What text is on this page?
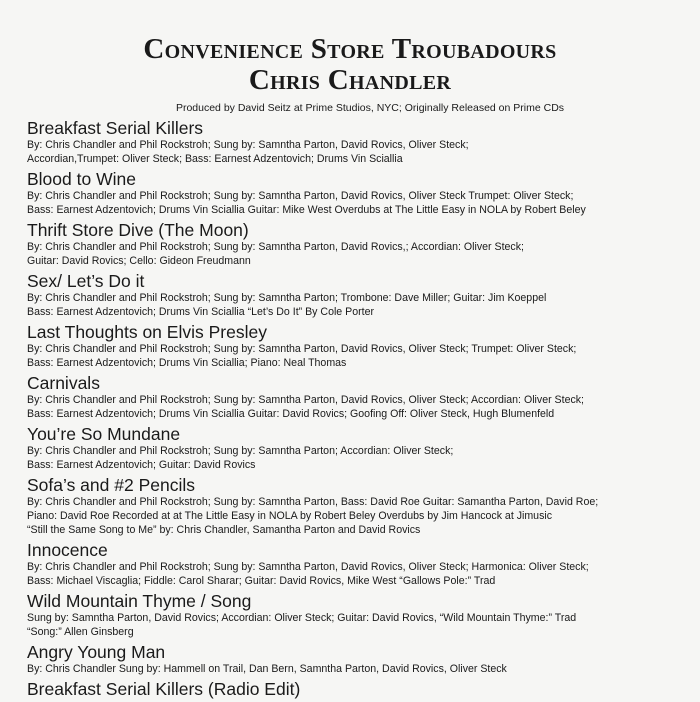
Convenience Store Troubadours
Chris Chandler
Produced by David Seitz at Prime Studios, NYC; Originally Released on Prime CDs
Breakfast Serial Killers
By: Chris Chandler and Phil Rockstroh; Sung by: Samntha Parton, David Rovics, Oliver Steck;
Accordian,Trumpet: Oliver Steck; Bass: Earnest Adzentovich; Drums Vin Sciallia
Blood to Wine
By: Chris Chandler and Phil Rockstroh; Sung by: Samntha Parton, David Rovics, Oliver Steck Trumpet: Oliver Steck;
Bass: Earnest Adzentovich; Drums Vin Sciallia Guitar: Mike West Overdubs at The Little Easy in NOLA by Robert Beley
Thrift Store Dive (The Moon)
By: Chris Chandler and Phil Rockstroh; Sung by: Samntha Parton, David Rovics,; Accordian: Oliver Steck;
Guitar: David Rovics; Cello: Gideon Freudmann
Sex/ Let’s Do it
By: Chris Chandler and Phil Rockstroh; Sung by: Samntha Parton; Trombone: Dave Miller; Guitar: Jim Koeppel
Bass: Earnest Adzentovich; Drums Vin Sciallia “Let’s Do It” By Cole Porter
Last Thoughts on Elvis Presley
By: Chris Chandler and Phil Rockstroh; Sung by: Samntha Parton, David Rovics, Oliver Steck; Trumpet: Oliver Steck;
Bass: Earnest Adzentovich; Drums Vin Sciallia; Piano: Neal Thomas
Carnivals
By: Chris Chandler and Phil Rockstroh; Sung by: Samntha Parton, David Rovics, Oliver Steck; Accordian: Oliver Steck;
Bass: Earnest Adzentovich; Drums Vin Sciallia Guitar: David Rovics; Goofing Off: Oliver Steck, Hugh Blumenfeld
You’re So Mundane
By: Chris Chandler and Phil Rockstroh; Sung by: Samntha Parton; Accordian: Oliver Steck;
Bass: Earnest Adzentovich; Guitar: David Rovics
Sofa’s and #2 Pencils
By: Chris Chandler and Phil Rockstroh; Sung by: Samntha Parton, Bass: David Roe Guitar: Samantha Parton, David Roe;
Piano: David Roe Recorded at at The Little Easy in NOLA by Robert Beley Overdubs by Jim Hancock at Jimusic
“Still the Same Song to Me” by: Chris Chandler, Samantha Parton and David Rovics
Innocence
By: Chris Chandler and Phil Rockstroh; Sung by: Samntha Parton, David Rovics, Oliver Steck; Harmonica: Oliver Steck;
Bass: Michael Viscaglia; Fiddle: Carol Sharar; Guitar: David Rovics, Mike West “Gallows Pole:” Trad
Wild Mountain Thyme / Song
Sung by: Samntha Parton, David Rovics; Accordian: Oliver Steck; Guitar: David Rovics, “Wild Mountain Thyme:” Trad
“Song:” Allen Ginsberg
Angry Young Man
By: Chris Chandler Sung by: Hammell on Trail, Dan Bern, Samntha Parton, David Rovics, Oliver Steck
Breakfast Serial Killers (Radio Edit)
